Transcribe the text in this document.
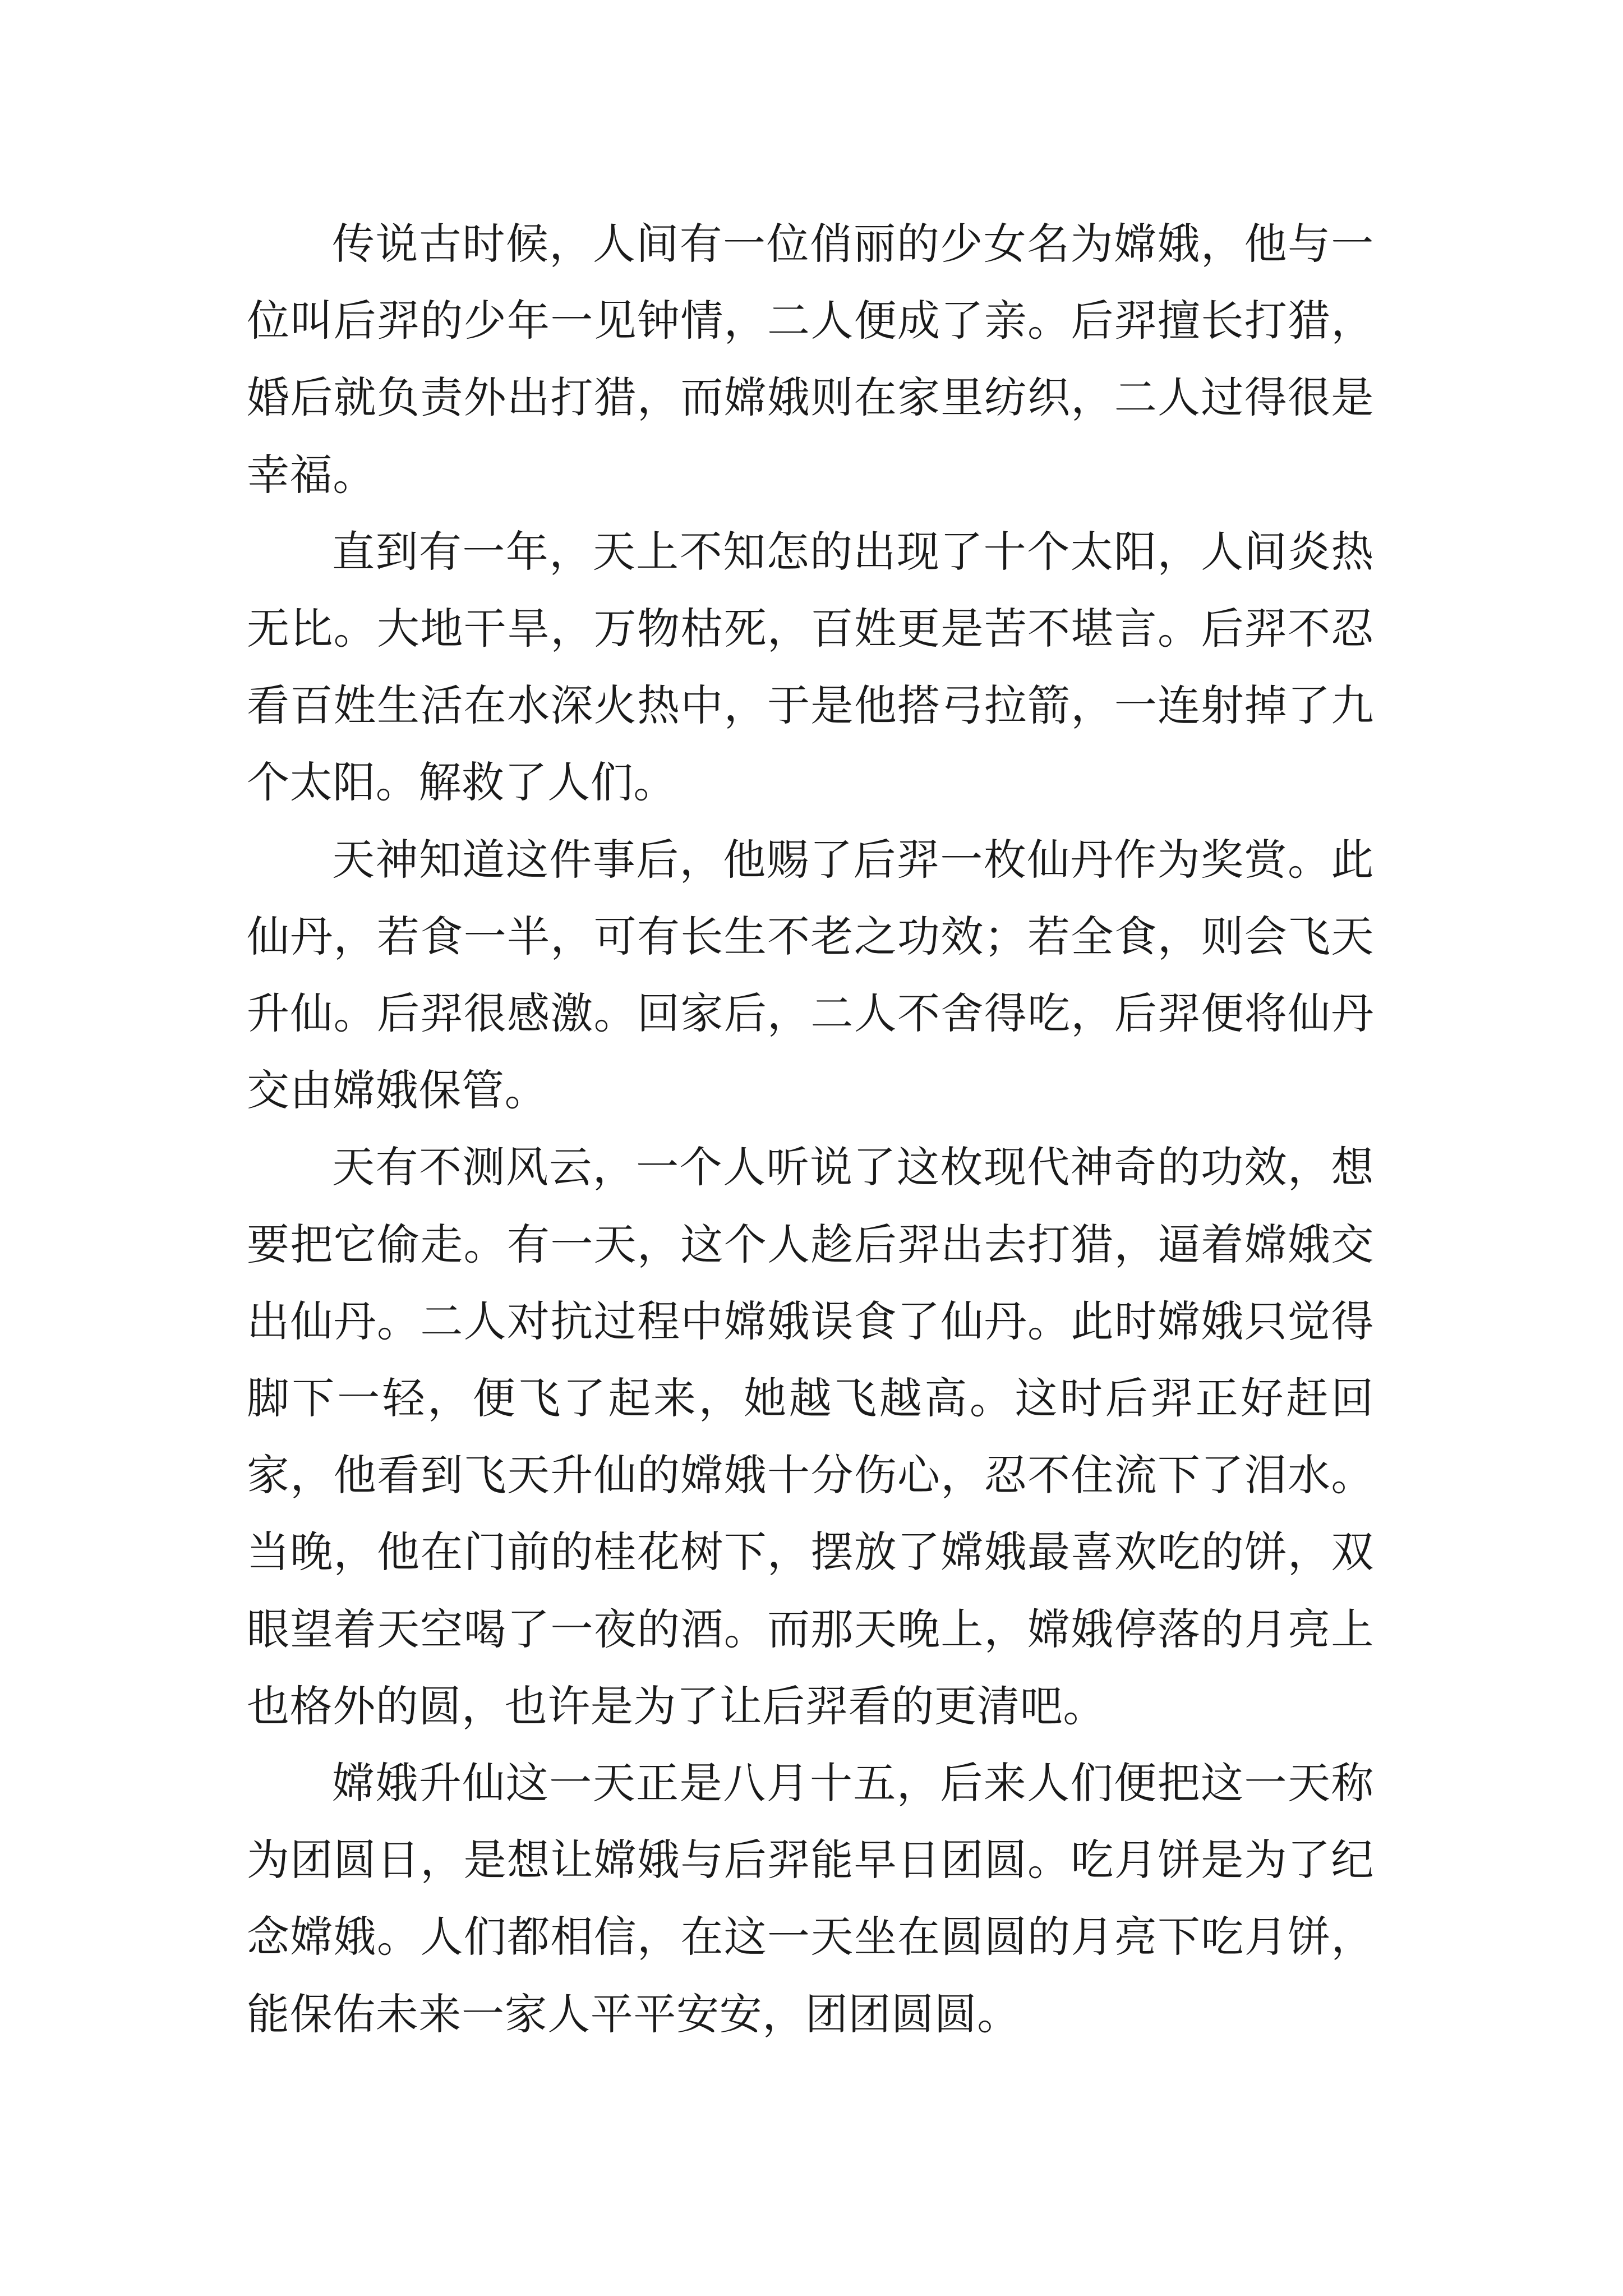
传说古时候，人间有一位俏丽的少女名为嫦娥，他与一位叫后羿的少年一见钟情，二人便成了亲。后羿擅长打猎，婚后就负责外出打猎，而嫦娥则在家里纺织，二人过得很是幸福。

直到有一年，天上不知怎的出现了十个太阳，人间炎热无比。大地干旱，万物枯死，百姓更是苦不堪言。后羿不忍看百姓生活在水深火热中，于是他搭弓拉箭，一连射掉了九个太阳。解救了人们。

天神知道这件事后，他赐了后羿一枚仙丹作为奖赏。此仙丹，若食一半，可有长生不老之功效；若全食，则会飞天升仙。后羿很感激。回家后，二人不舍得吃，后羿便将仙丹交由嫦娥保管。

天有不测风云，一个人听说了这枚现代神奇的功效，想要把它偷走。有一天，这个人趁后羿出去打猎，逼着嫦娥交出仙丹。二人对抗过程中嫦娥误食了仙丹。此时嫦娥只觉得脚下一轻，便飞了起来，她越飞越高。这时后羿正好赶回家，他看到飞天升仙的嫦娥十分伤心，忍不住流下了泪水。当晚，他在门前的桂花树下，摆放了嫦娥最喜欢吃的饼，双眼望着天空喝了一夜的酒。而那天晚上，嫦娥停落的月亮上也格外的圆，也许是为了让后羿看的更清吧。

嫦娥升仙这一天正是八月十五，后来人们便把这一天称为团圆日，是想让嫦娥与后羿能早日团圆。吃月饼是为了纪念嫦娥。人们都相信，在这一天坐在圆圆的月亮下吃月饼，能保佑未来一家人平平安安，团团圆圆。
